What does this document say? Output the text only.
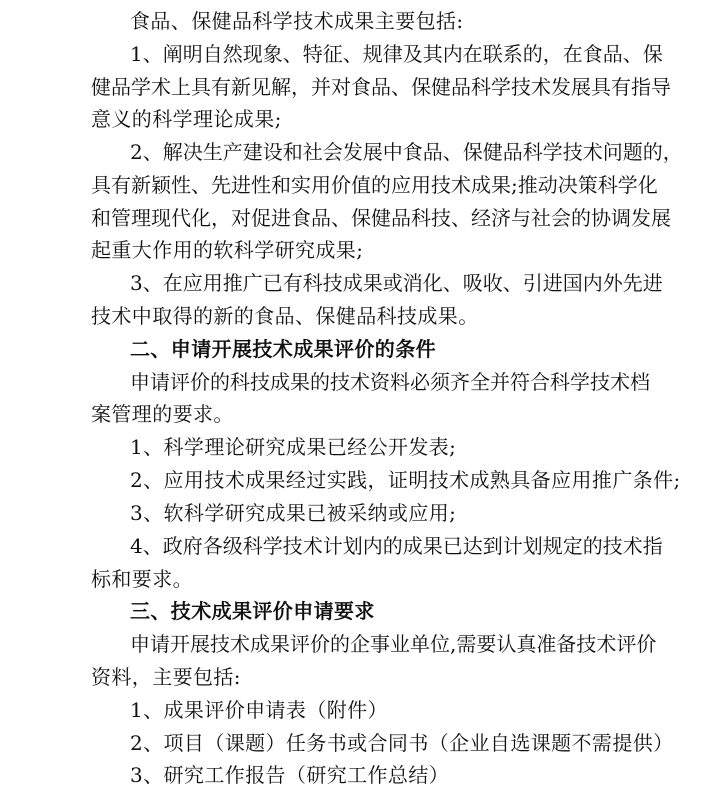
食品、保健品科学技术成果主要包括:
1、阐明自然现象、特征、规律及其内在联系的，在食品、保
健品学术上具有新见解，并对食品、保健品科学技术发展具有指导
意义的科学理论成果;
2、解决生产建设和社会发展中食品、保健品科学技术问题的，
具有新颖性、先进性和实用价值的应用技术成果;推动决策科学化
和管理现代化，对促进食品、保健品科技、经济与社会的协调发展
起重大作用的软科学研究成果;
3、在应用推广已有科技成果或消化、吸收、引进国内外先进
技术中取得的新的食品、保健品科技成果。
二、申请开展技术成果评价的条件
申请评价的科技成果的技术资料必须齐全并符合科学技术档
案管理的要求。
1、科学理论研究成果已经公开发表;
2、应用技术成果经过实践，证明技术成熟具备应用推广条件;
3、软科学研究成果已被采纳或应用;
4、政府各级科学技术计划内的成果已达到计划规定的技术指
标和要求。
三、技术成果评价申请要求
申请开展技术成果评价的企事业单位,需要认真准备技术评价
资料，主要包括:
1、成果评价申请表（附件）
2、项目（课题）任务书或合同书（企业自选课题不需提供）
3、研究工作报告（研究工作总结）
